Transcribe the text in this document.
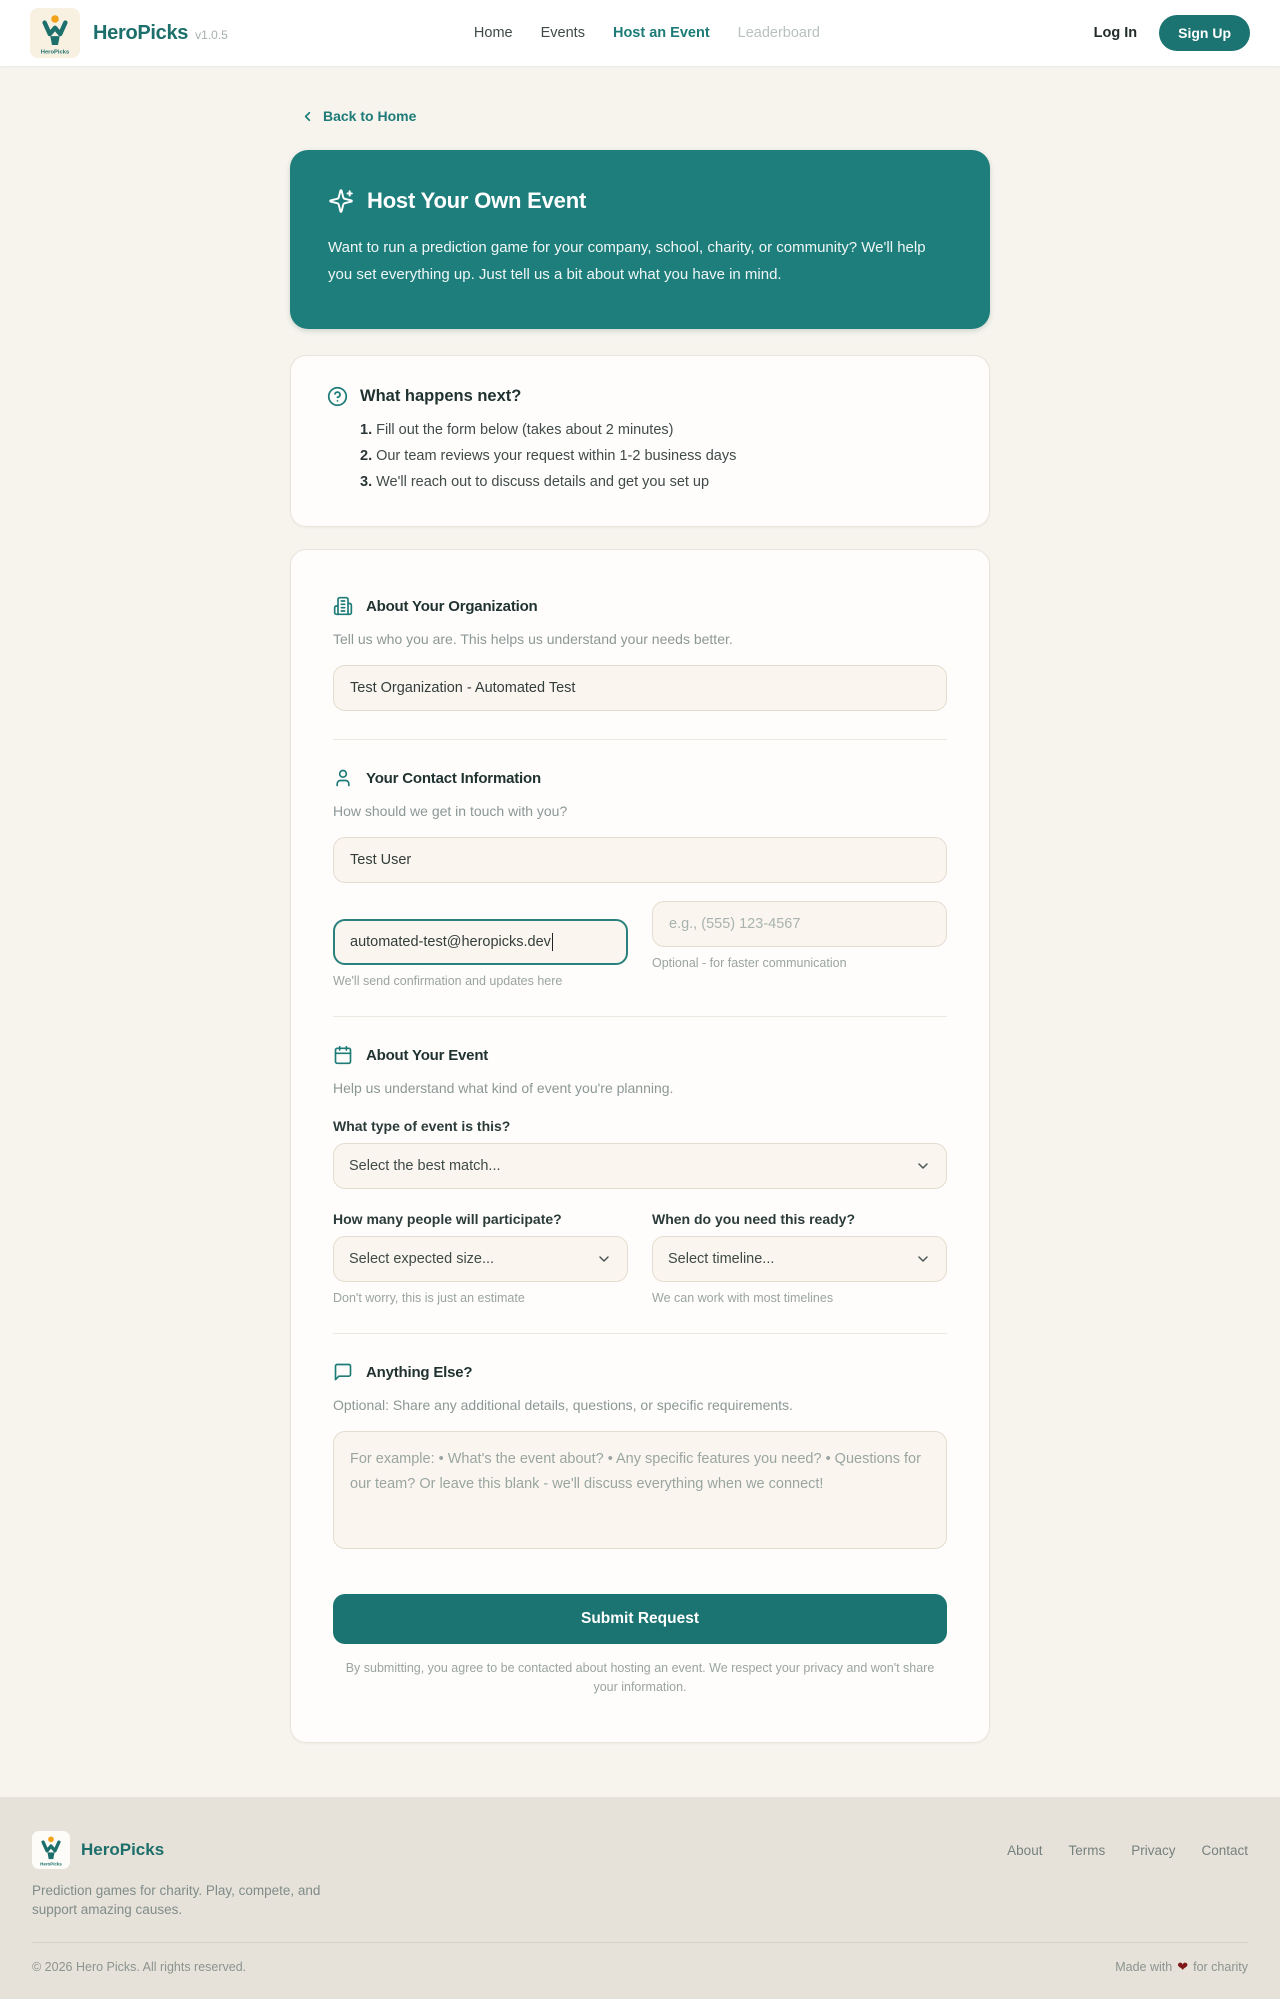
HeroPicks
HeroPicks v1.0.5	Home Events Host an Event Leaderboard	Log In	Sign Up
Back to Home
Host Your Own Event

Want to run a prediction game for your company, school, charity, or community? We'll help you set everything up. Just tell us a bit about what you have in mind.

What happens next?
1. Fill out the form below (takes about 2 minutes)
2. Our team reviews your request within 1-2 business days
3. We'll reach out to discuss details and get you set up
About Your Organization

Tell us who you are. This helps us understand your needs better.

Test Organization - Automated Test
Your Contact Information

How should we get in touch with you?

Test User
automated-test@heropicks.dev

We'll send confirmation and updates here

e.g., (555) 123-4567

Optional - for faster communication

About Your Event

Help us understand what kind of event you're planning.

What type of event is this?
Select the best match...
How many people will participate?
Select expected size...

Don't worry, this is just an estimate

When do you need this ready?
Select timeline...

We can work with most timelines

Anything Else?

Optional: Share any additional details, questions, or specific requirements.

For example: • What's the event about? • Any specific features you need? • Questions for our team? Or leave this blank - we'll discuss everything when we connect!
Submit Request

By submitting, you agree to be contacted about hosting an event. We respect your privacy and won't share your information.

HeroPicks
HeroPicks

Prediction games for charity. Play, compete, and support amazing causes.

About Terms Privacy Contact
© 2026 Hero Picks. All rights reserved.	Made with ❤ for charity
